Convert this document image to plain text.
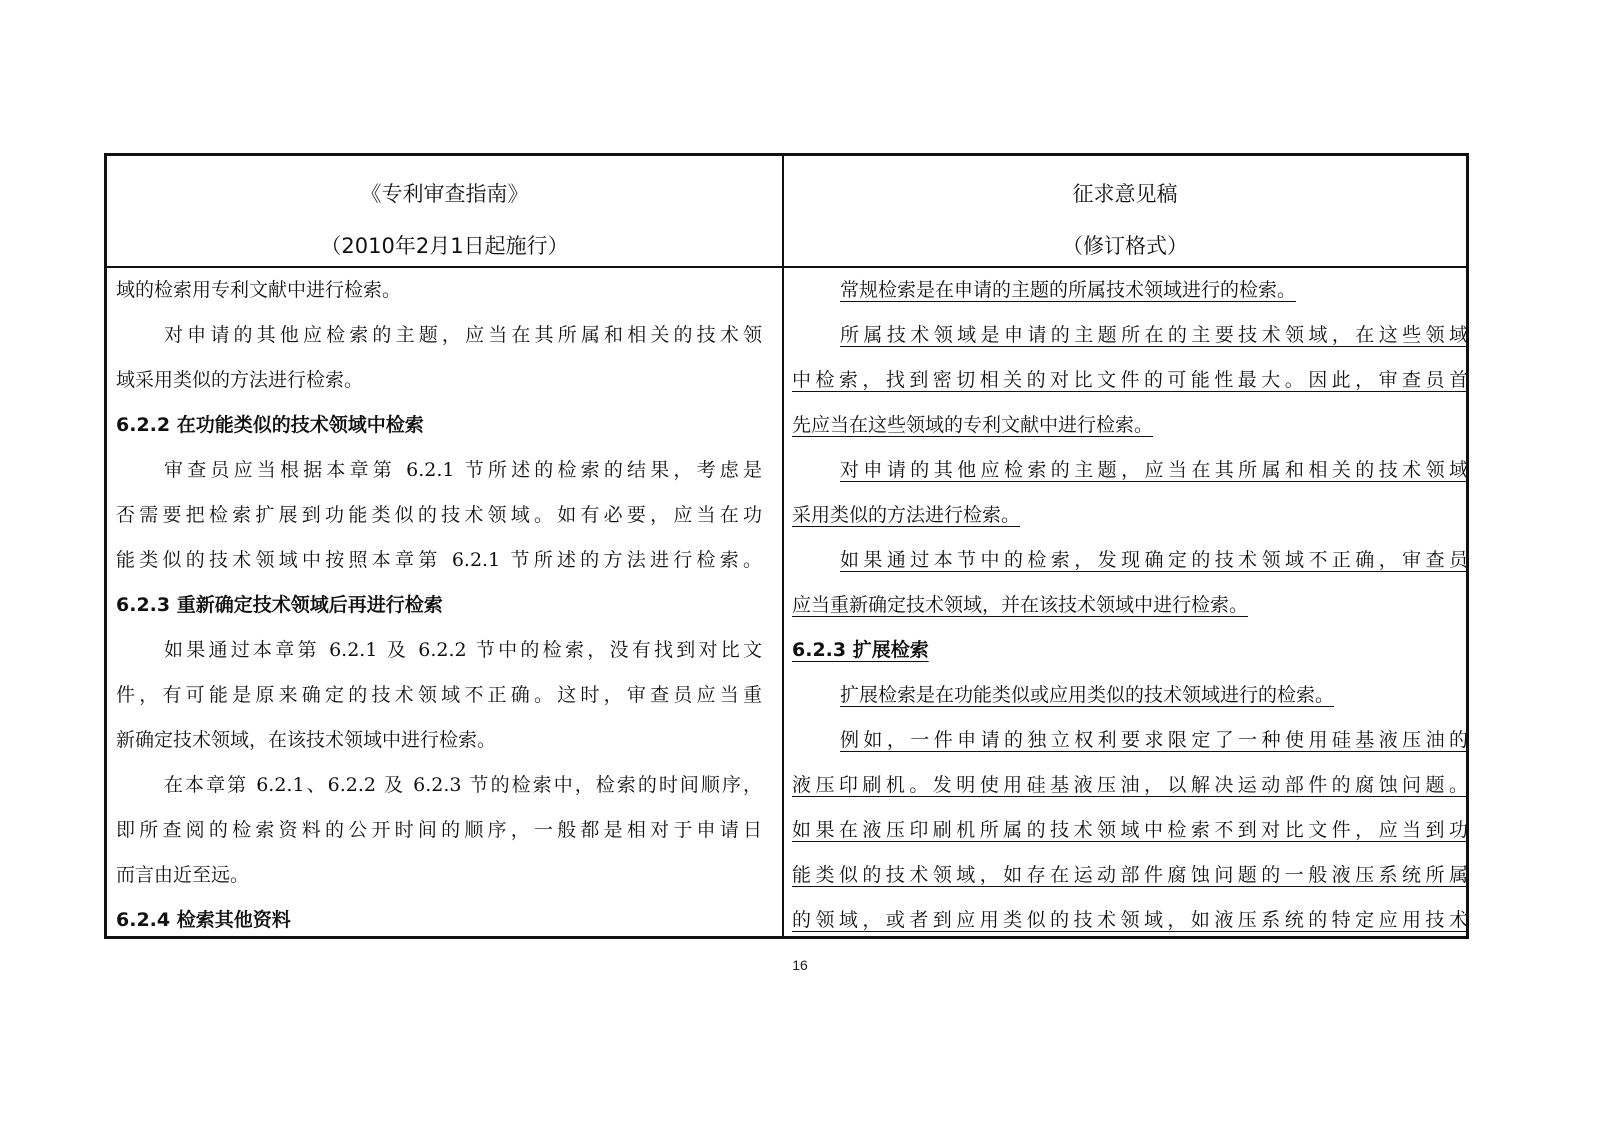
《专利审查指南》
（2010年2月1日起施行）
征求意见稿
（修订格式）
域的检索用专利文献中进行检索。
对申请的其他应检索的主题，应当在其所属和相关的技术领
域采用类似的方法进行检索。
6.2.2 在功能类似的技术领域中检索
审查员应当根据本章第 6.2.1 节所述的检索的结果，考虑是
否需要把检索扩展到功能类似的技术领域。如有必要，应当在功
能类似的技术领域中按照本章第 6.2.1 节所述的方法进行检索。
6.2.3 重新确定技术领域后再进行检索
如果通过本章第 6.2.1 及 6.2.2 节中的检索，没有找到对比文
件，有可能是原来确定的技术领域不正确。这时，审查员应当重
新确定技术领域，在该技术领域中进行检索。
在本章第 6.2.1、6.2.2 及 6.2.3 节的检索中，检索的时间顺序，
即所查阅的检索资料的公开时间的顺序，一般都是相对于申请日
而言由近至远。
6.2.4 检索其他资料
常规检索是在申请的主题的所属技术领域进行的检索。
所属技术领域是申请的主题所在的主要技术领域，在这些领域
中检索，找到密切相关的对比文件的可能性最大。因此，审查员首
先应当在这些领域的专利文献中进行检索。
对申请的其他应检索的主题，应当在其所属和相关的技术领域
采用类似的方法进行检索。
如果通过本节中的检索，发现确定的技术领域不正确，审查员
应当重新确定技术领域，并在该技术领域中进行检索。
6.2.3 扩展检索
扩展检索是在功能类似或应用类似的技术领域进行的检索。
例如，一件申请的独立权利要求限定了一种使用硅基液压油的
液压印刷机。发明使用硅基液压油，以解决运动部件的腐蚀问题。
如果在液压印刷机所属的技术领域中检索不到对比文件，应当到功
能类似的技术领域，如存在运动部件腐蚀问题的一般液压系统所属
的领域，或者到应用类似的技术领域，如液压系统的特定应用技术
16
